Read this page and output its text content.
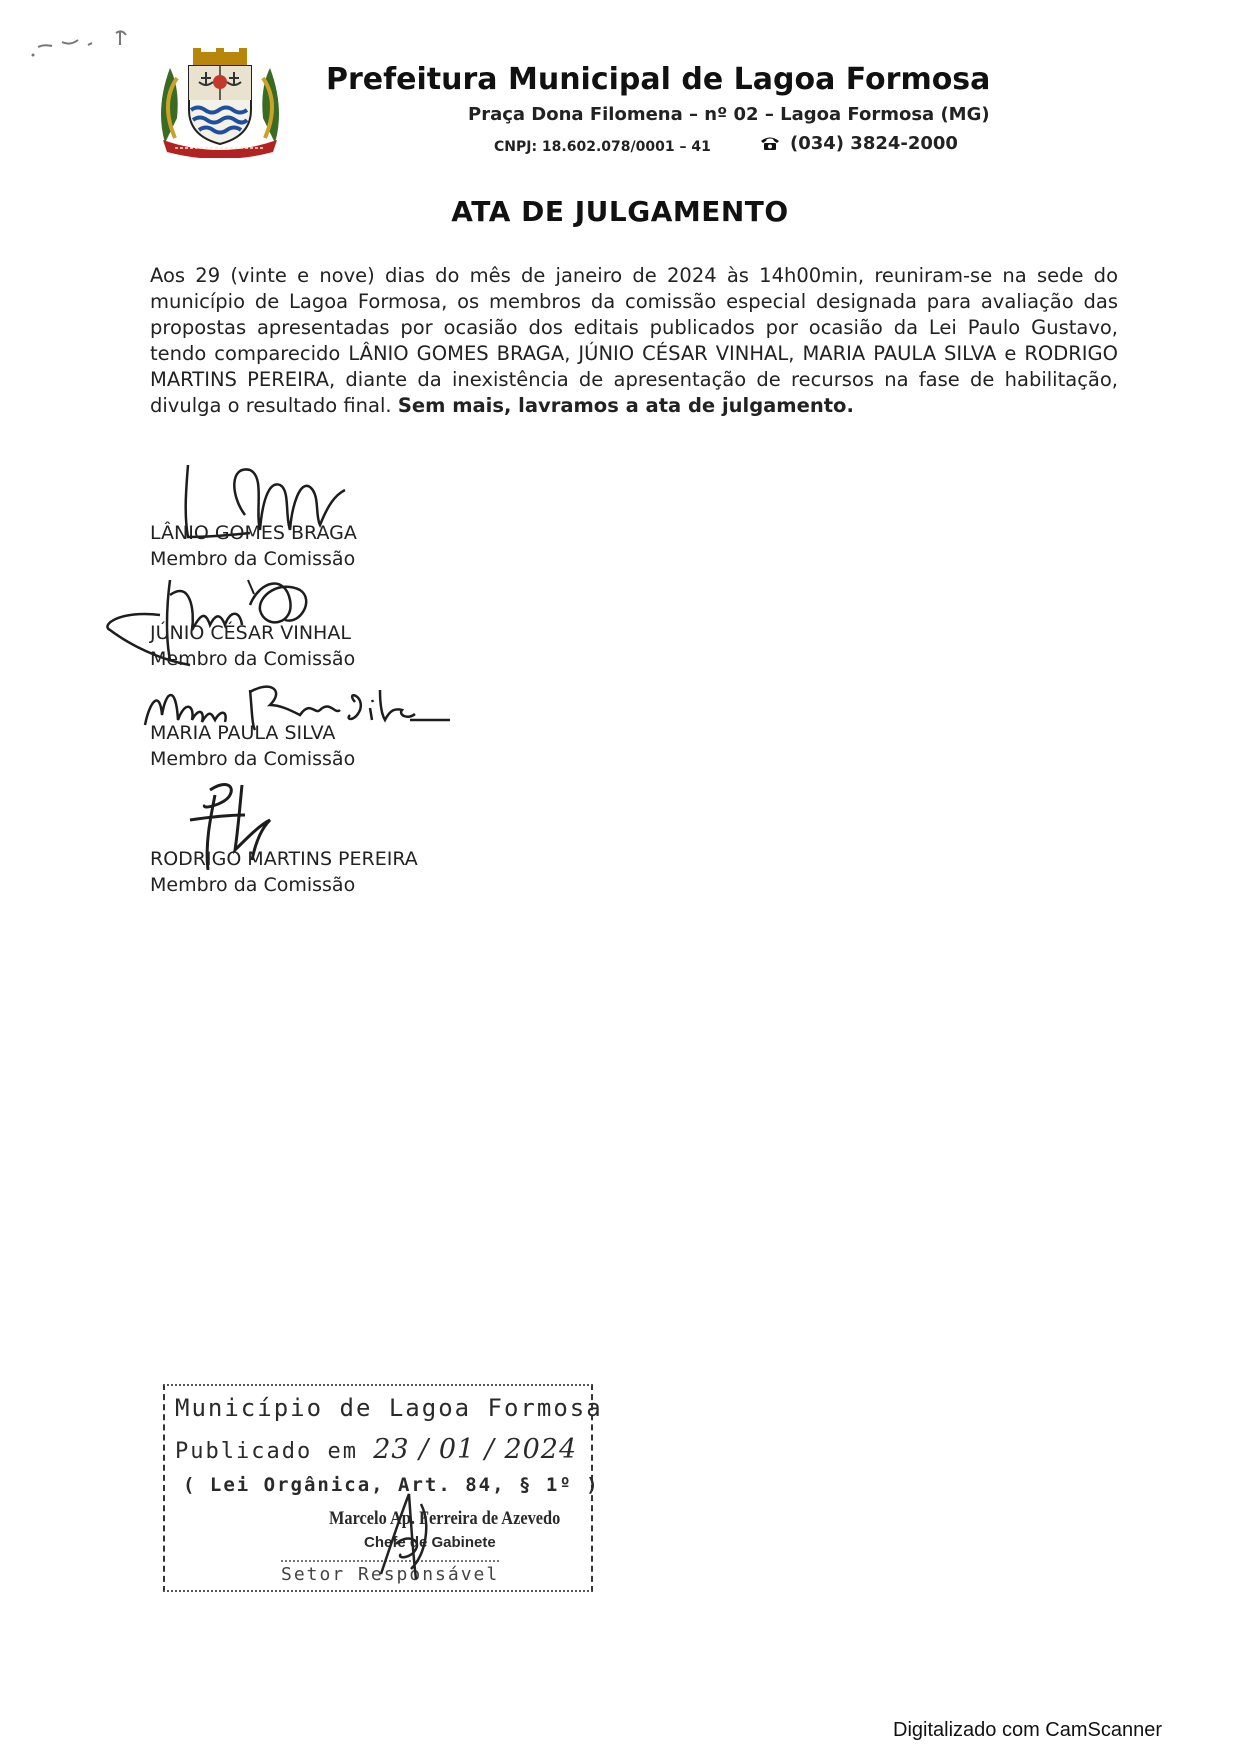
Prefeitura Municipal de Lagoa Formosa
Praça Dona Filomena – nº 02 – Lagoa Formosa (MG)
CNPJ: 18.602.078/0001 – 41	(034) 3824-2000
ATA DE JULGAMENTO
Aos 29 (vinte e nove) dias do mês de janeiro de 2024 às 14h00min, reuniram-se na sede do município de Lagoa Formosa, os membros da comissão especial designada para avaliação das propostas apresentadas por ocasião dos editais publicados por ocasião da Lei Paulo Gustavo, tendo comparecido LÂNIO GOMES BRAGA, JÚNIO CÉSAR VINHAL, MARIA PAULA SILVA e RODRIGO MARTINS PEREIRA, diante da inexistência de apresentação de recursos na fase de habilitação, divulga o resultado final. Sem mais, lavramos a ata de julgamento.
LÂNIO GOMES BRAGA
Membro da Comissão
JÚNIO CÉSAR VINHAL
Membro da Comissão
MARIA PAULA SILVA
Membro da Comissão
RODRIGO MARTINS PEREIRA
Membro da Comissão
Município de Lagoa Formosa
Publicado em 23 / 01 / 2024
( Lei Orgânica, Art. 84, § 1º )
Marcelo Ap. Ferreira de Azevedo
Chefe de Gabinete
Setor Responsável
Digitalizado com CamScanner
